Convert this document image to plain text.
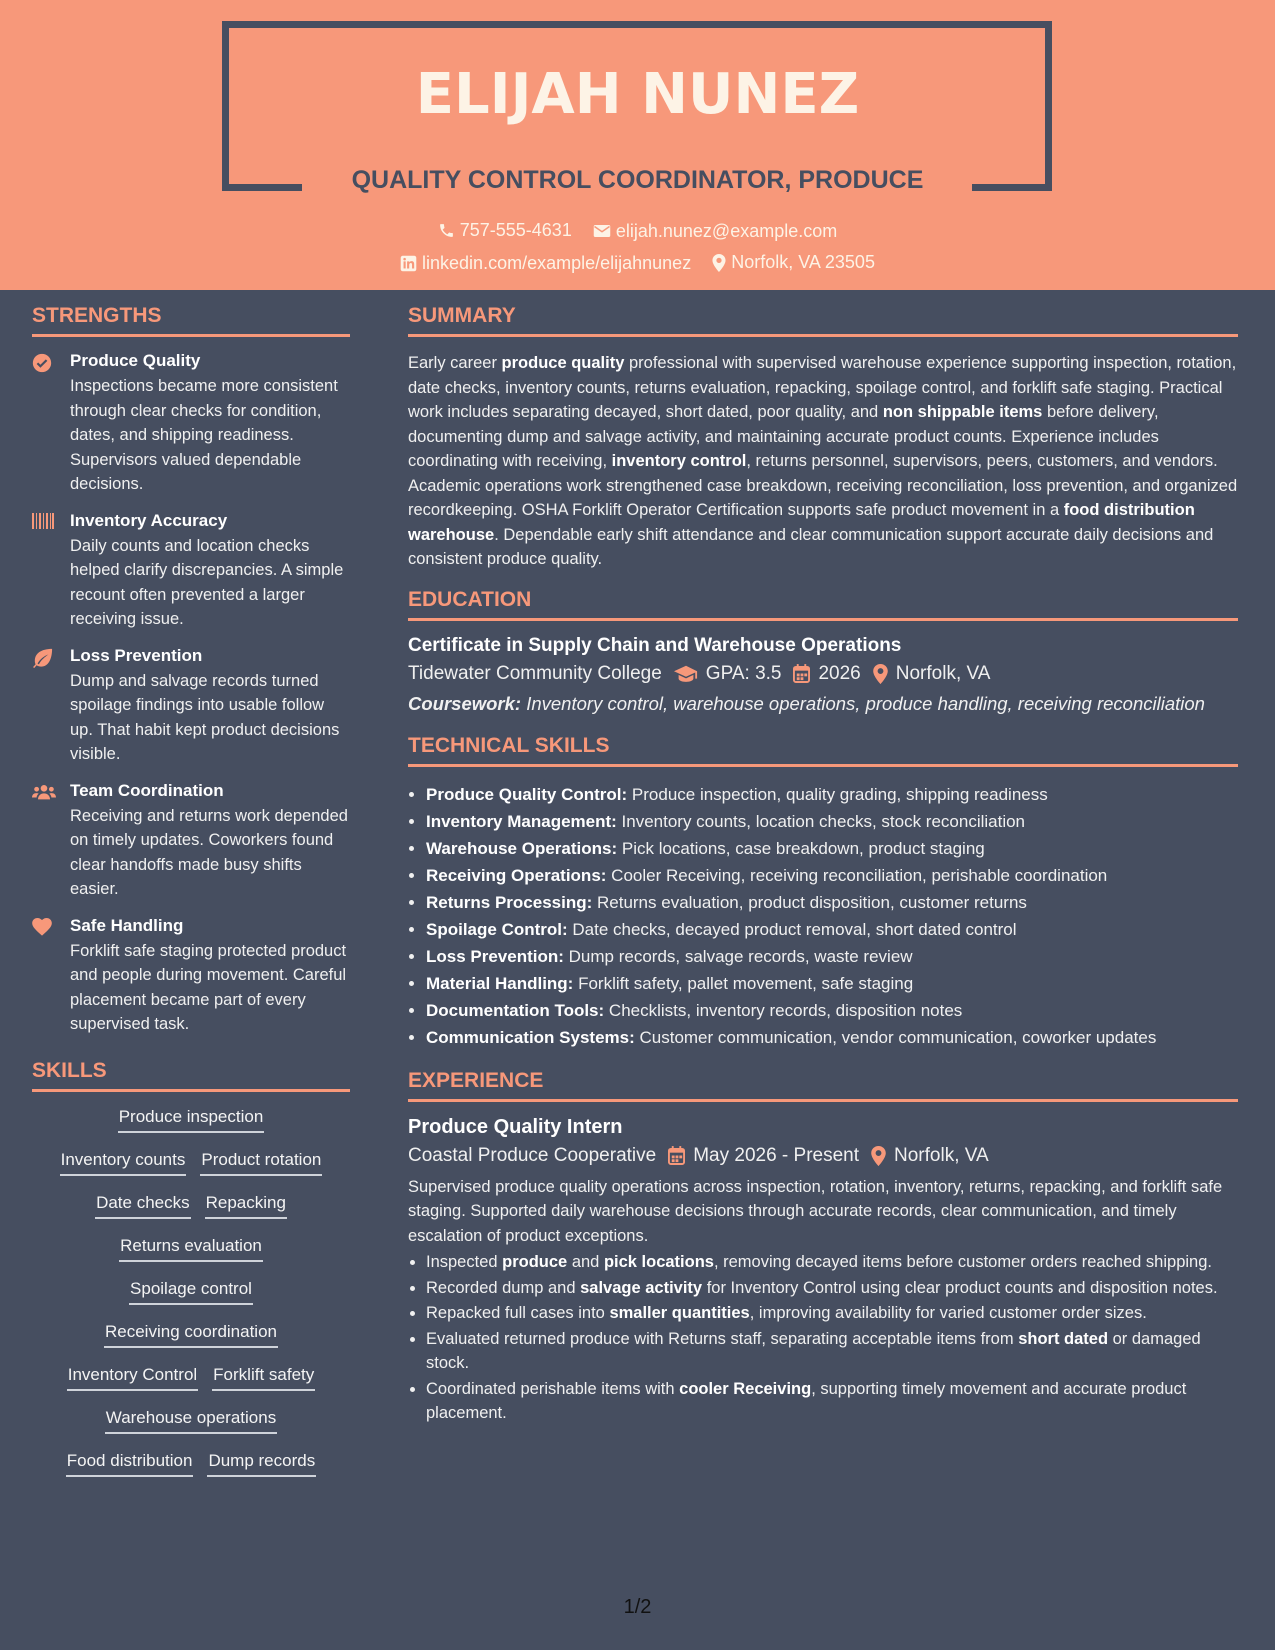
ELIJAH NUNEZ
QUALITY CONTROL COORDINATOR, PRODUCE
757-555-4631
elijah.nunez@example.com
linkedin.com/example/elijahnunez
Norfolk, VA 23505
STRENGTHS
Produce Quality
Inspections became more consistent through clear checks for condition, dates, and shipping readiness. Supervisors valued dependable decisions.
Inventory Accuracy
Daily counts and location checks helped clarify discrepancies. A simple recount often prevented a larger receiving issue.
Loss Prevention
Dump and salvage records turned spoilage findings into usable follow up. That habit kept product decisions visible.
Team Coordination
Receiving and returns work depended on timely updates. Coworkers found clear handoffs made busy shifts easier.
Safe Handling
Forklift safe staging protected product and people during movement. Careful placement became part of every supervised task.
SKILLS
Produce inspection
Inventory counts Product rotation
Date checks Repacking
Returns evaluation
Spoilage control
Receiving coordination
Inventory Control Forklift safety
Warehouse operations
Food distribution Dump records
SUMMARY
Early career produce quality professional with supervised warehouse experience supporting inspection, rotation, date checks, inventory counts, returns evaluation, repacking, spoilage control, and forklift safe staging. Practical work includes separating decayed, short dated, poor quality, and non shippable items before delivery, documenting dump and salvage activity, and maintaining accurate product counts. Experience includes coordinating with receiving, inventory control, returns personnel, supervisors, peers, customers, and vendors. Academic operations work strengthened case breakdown, receiving reconciliation, loss prevention, and organized recordkeeping. OSHA Forklift Operator Certification supports safe product movement in a food distribution warehouse. Dependable early shift attendance and clear communication support accurate daily decisions and consistent produce quality.
EDUCATION
Certificate in Supply Chain and Warehouse Operations
Tidewater Community College GPA: 3.5 2026 Norfolk, VA
Coursework: Inventory control, warehouse operations, produce handling, receiving reconciliation
TECHNICAL SKILLS
• Produce Quality Control: Produce inspection, quality grading, shipping readiness
• Inventory Management: Inventory counts, location checks, stock reconciliation
• Warehouse Operations: Pick locations, case breakdown, product staging
• Receiving Operations: Cooler Receiving, receiving reconciliation, perishable coordination
• Returns Processing: Returns evaluation, product disposition, customer returns
• Spoilage Control: Date checks, decayed product removal, short dated control
• Loss Prevention: Dump records, salvage records, waste review
• Material Handling: Forklift safety, pallet movement, safe staging
• Documentation Tools: Checklists, inventory records, disposition notes
• Communication Systems: Customer communication, vendor communication, coworker updates
EXPERIENCE
Produce Quality Intern
Coastal Produce Cooperative May 2026 - Present Norfolk, VA
Supervised produce quality operations across inspection, rotation, inventory, returns, repacking, and forklift safe staging. Supported daily warehouse decisions through accurate records, clear communication, and timely escalation of product exceptions.
• Inspected produce and pick locations, removing decayed items before customer orders reached shipping.
• Recorded dump and salvage activity for Inventory Control using clear product counts and disposition notes.
• Repacked full cases into smaller quantities, improving availability for varied customer order sizes.
• Evaluated returned produce with Returns staff, separating acceptable items from short dated or damaged stock.
• Coordinated perishable items with cooler Receiving, supporting timely movement and accurate product placement.
1/2
